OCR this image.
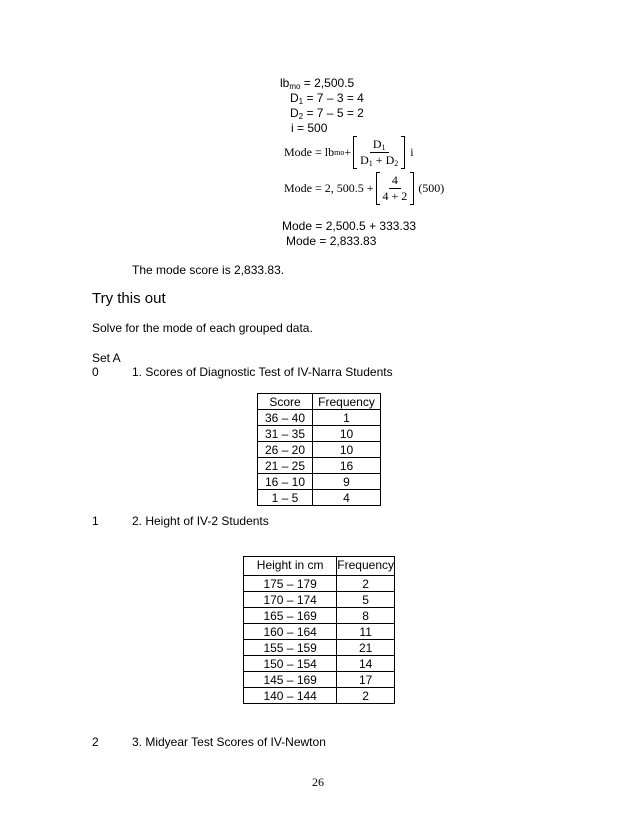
$lb_{mo} = 2,500.5$
$D_1 = 7 - 3 = 4$
$D_2 = 7 - 5 = 2$
i = 500
Mode = lb mo + $\frac{D_1}{D_1 + D_2}$ i
Mode = 2, $500.5 + \frac{4}{4 + 2} (500)$
Mode = 2,500.5 + 333.33
Mode = 2,833.83
The mode score is 2,833.83.
Try this out
Solve for the mode of each grouped data.
Set A
0	1. Scores of Diagnostic Test of IV-Narra Students
Score	Frequency
36 – 40	1
31 – 35	10
26 – 20	10
21 – 25	16
16 – 10	9
1 – 5	4
1	2. Height of IV-2 Students
Height in cm	Frequency
175 – 179	2
170 – 174	5
165 – 169	8
160 – 164	11
155 – 159	21
150 – 154	14
145 – 169	17
140 – 144	2
2	3. Midyear Test Scores of IV-Newton
26
